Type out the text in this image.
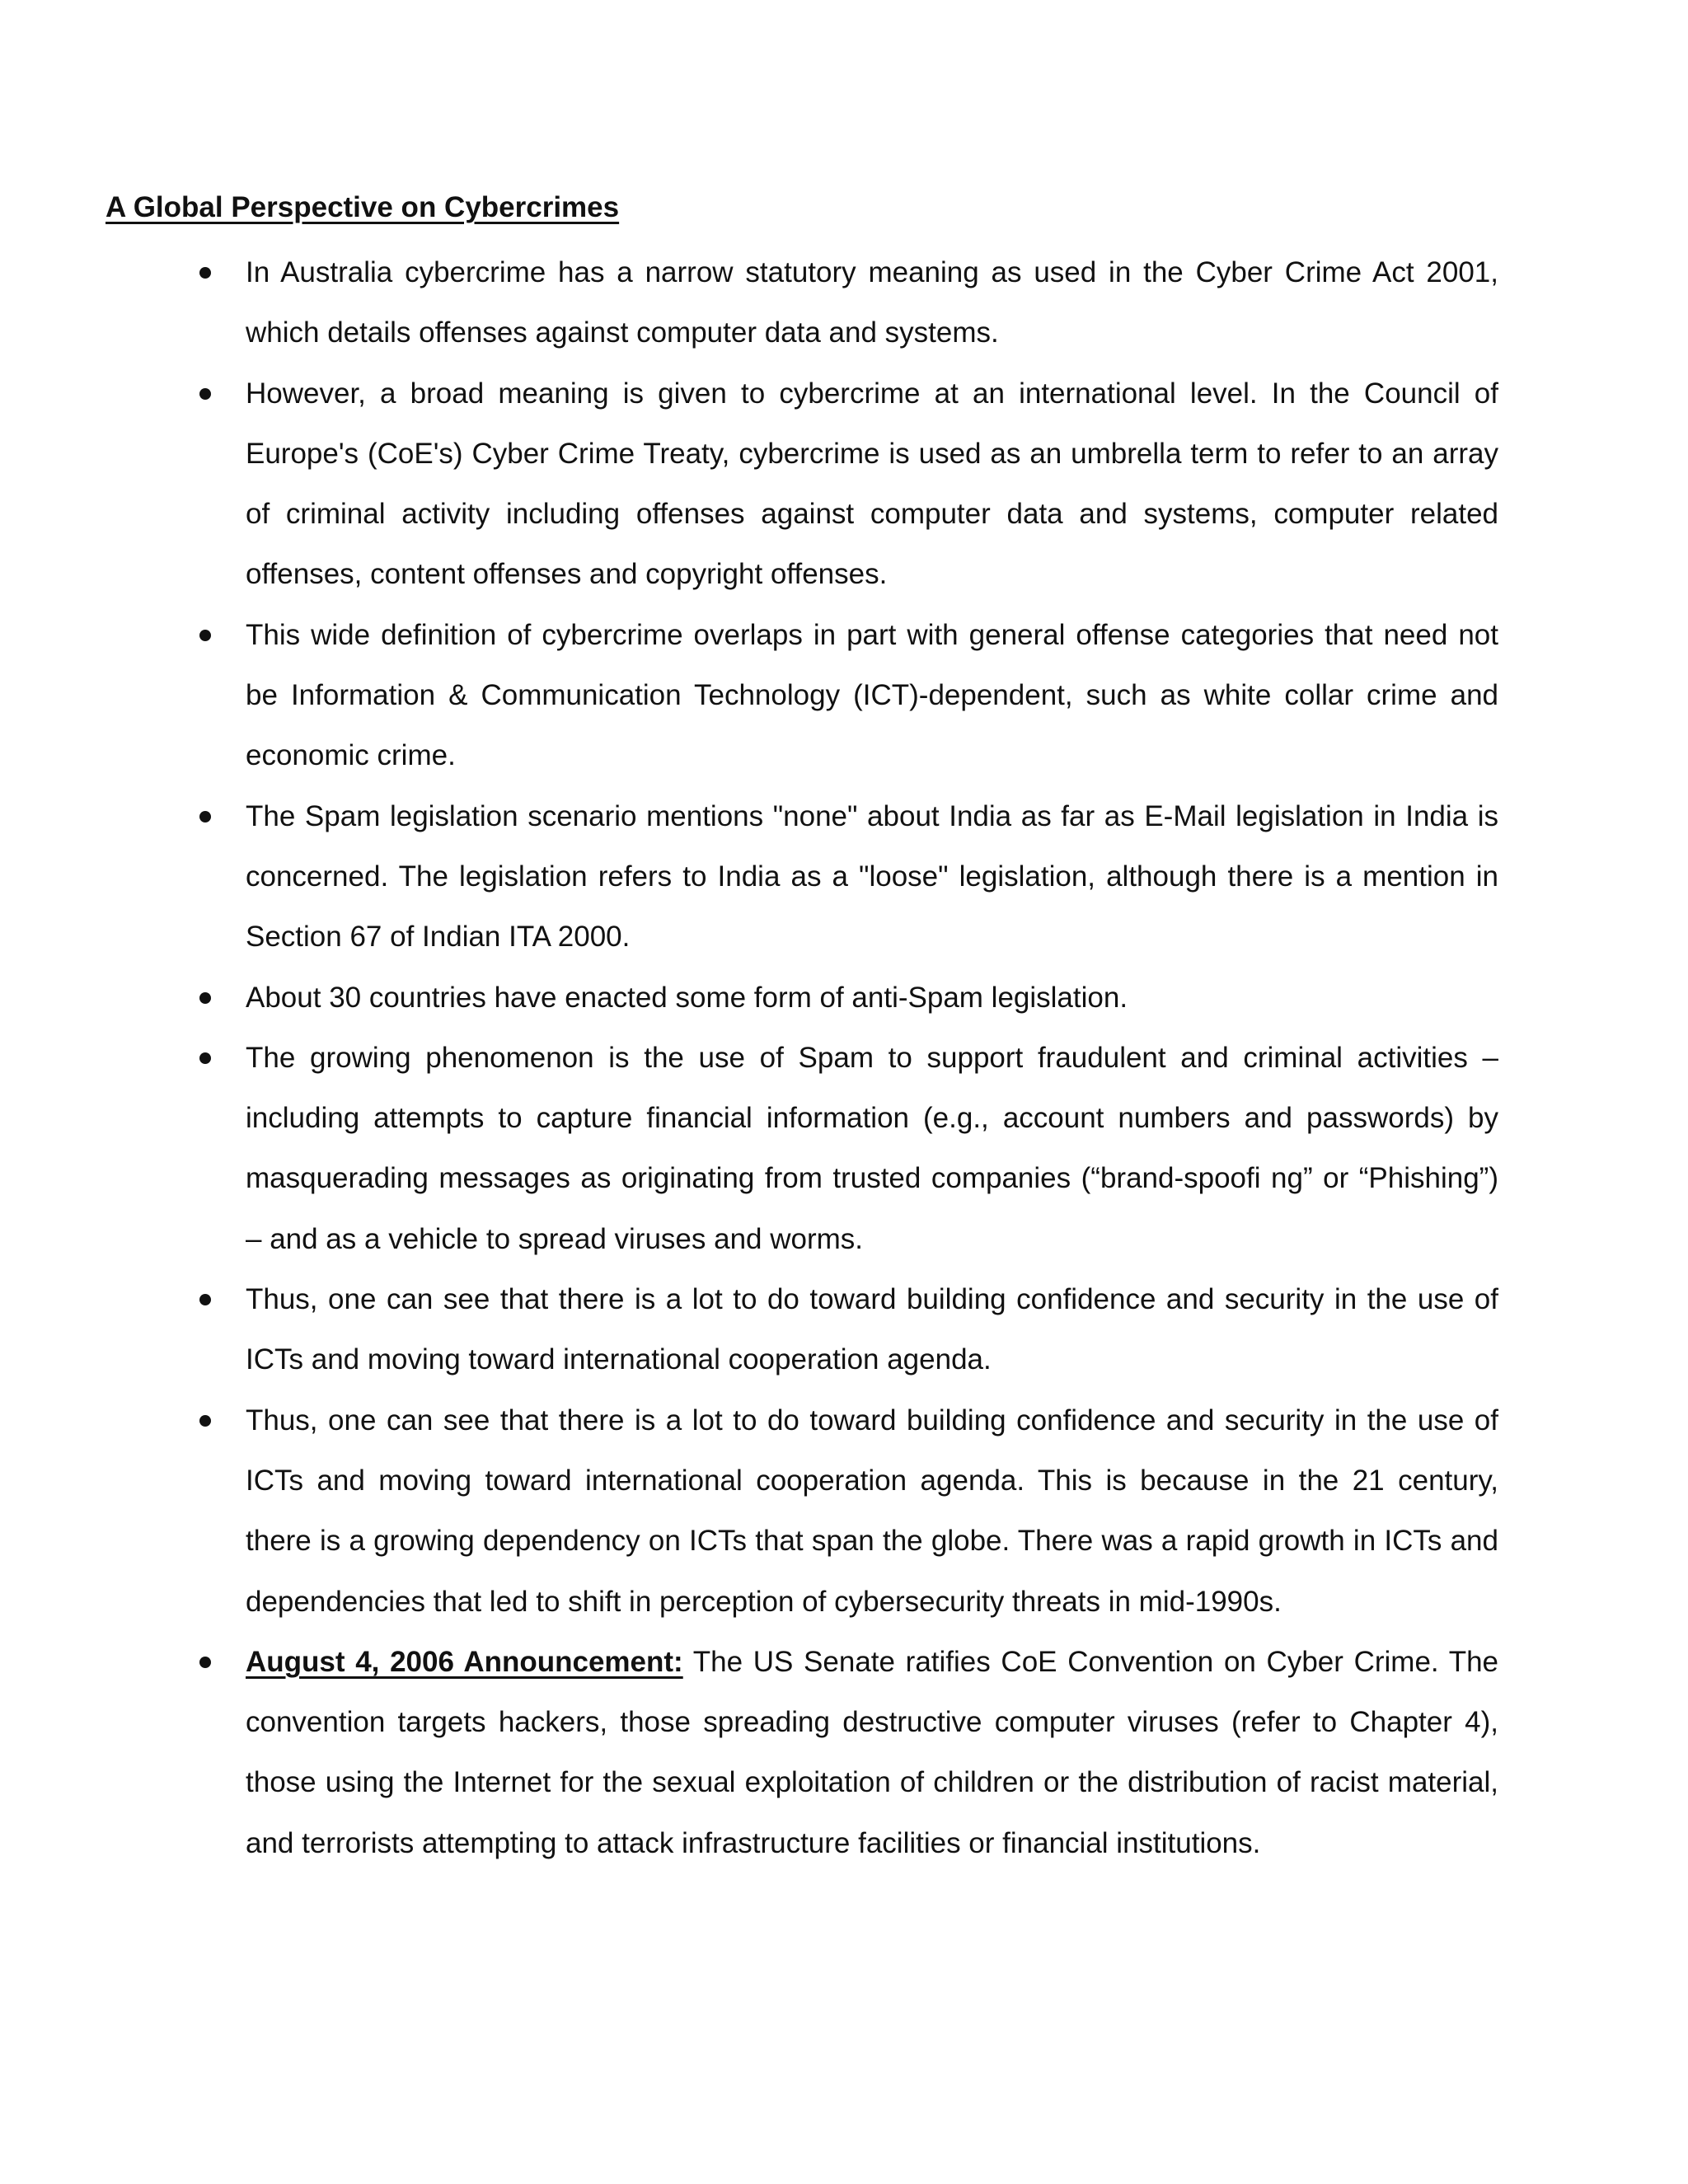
A Global Perspective on Cybercrimes
In Australia cybercrime has a narrow statutory meaning as used in the Cyber Crime Act 2001, which details offenses against computer data and systems.
However, a broad meaning is given to cybercrime at an international level. In the Council of Europe's (CoE's) Cyber Crime Treaty, cybercrime is used as an umbrella term to refer to an array of criminal activity including offenses against computer data and systems, computer related offenses, content offenses and copyright offenses.
This wide definition of cybercrime overlaps in part with general offense categories that need not be Information & Communication Technology (ICT)-dependent, such as white collar crime and economic crime.
The Spam legislation scenario mentions "none" about India as far as E-Mail legislation in India is concerned. The legislation refers to India as a "loose" legislation, although there is a mention in Section 67 of Indian ITA 2000.
About 30 countries have enacted some form of anti-Spam legislation.
The growing phenomenon is the use of Spam to support fraudulent and criminal activities – including attempts to capture financial information (e.g., account numbers and passwords) by masquerading messages as originating from trusted companies (“brand-spoofi ng” or “Phishing”) – and as a vehicle to spread viruses and worms.
Thus, one can see that there is a lot to do toward building confidence and security in the use of ICTs and moving toward international cooperation agenda.
Thus, one can see that there is a lot to do toward building confidence and security in the use of ICTs and moving toward international cooperation agenda. This is because in the 21 century, there is a growing dependency on ICTs that span the globe. There was a rapid growth in ICTs and dependencies that led to shift in perception of cybersecurity threats in mid-1990s.
August 4, 2006 Announcement: The US Senate ratifies CoE Convention on Cyber Crime. The convention targets hackers, those spreading destructive computer viruses (refer to Chapter 4), those using the Internet for the sexual exploitation of children or the distribution of racist material, and terrorists attempting to attack infrastructure facilities or financial institutions.
